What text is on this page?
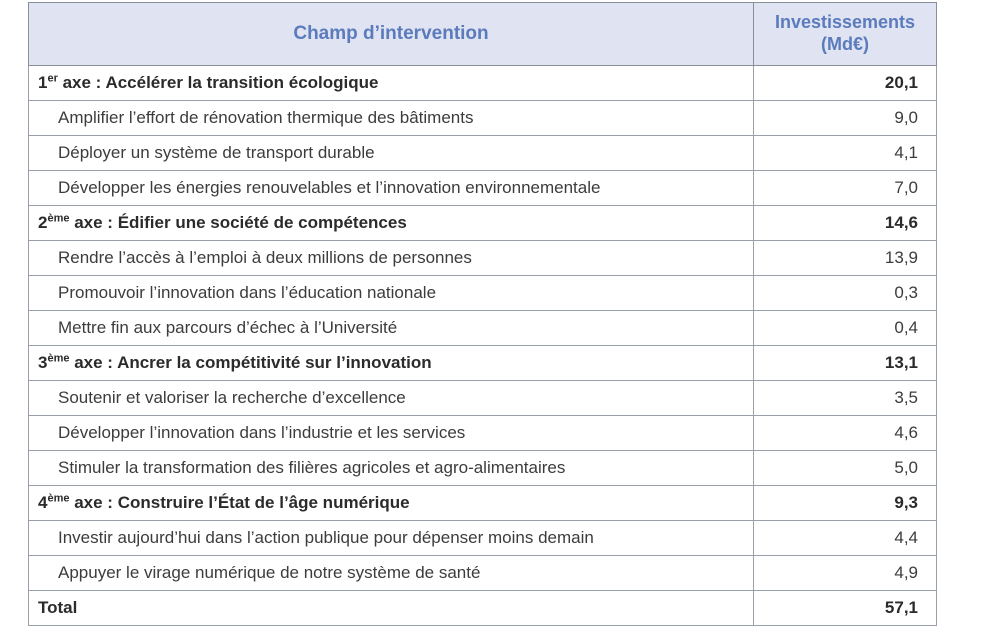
Champ d’intervention	Investissements
(Md€)
1er axe : Accélérer la transition écologique	20,1
Amplifier l’effort de rénovation thermique des bâtiments	9,0
Déployer un système de transport durable	4,1
Développer les énergies renouvelables et l’innovation environnementale	7,0
2ème axe : Édifier une société de compétences	14,6
Rendre l’accès à l’emploi à deux millions de personnes	13,9
Promouvoir l’innovation dans l’éducation nationale	0,3
Mettre fin aux parcours d’échec à l’Université	0,4
3ème axe : Ancrer la compétitivité sur l’innovation	13,1
Soutenir et valoriser la recherche d’excellence	3,5
Développer l’innovation dans l’industrie et les services	4,6
Stimuler la transformation des filières agricoles et agro-alimentaires	5,0
4ème axe : Construire l’État de l’âge numérique	9,3
Investir aujourd’hui dans l’action publique pour dépenser moins demain	4,4
Appuyer le virage numérique de notre système de santé	4,9
Total	57,1
